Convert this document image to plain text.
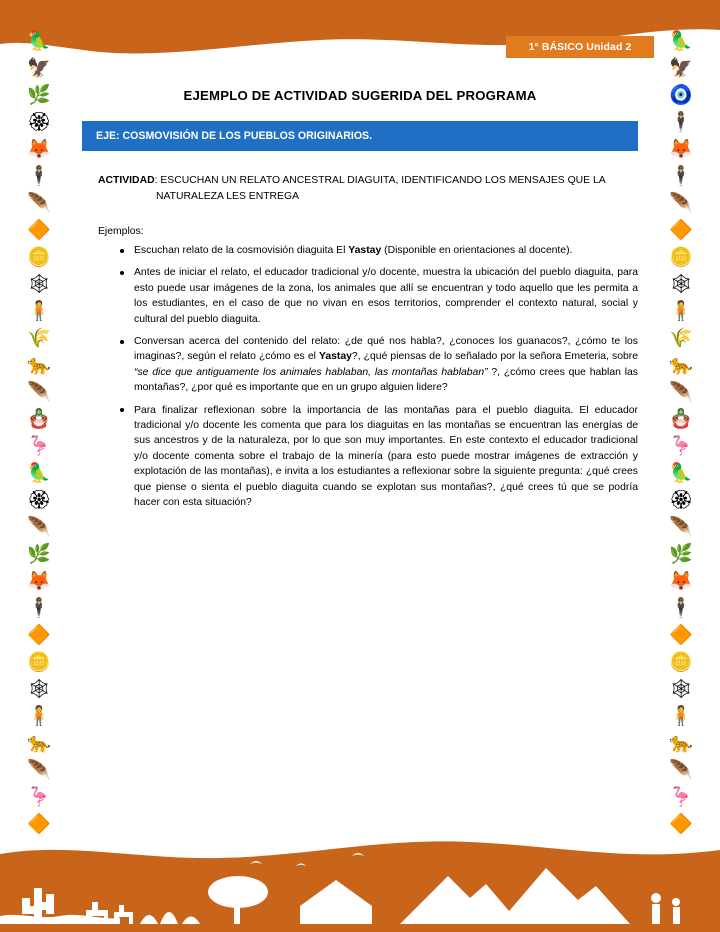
1° BÁSICO Unidad 2
🦜
🦅
🌿
🏵
🦊
🕴
🪶
🔶
🪙
🕸
🧍
🌾
🐆
🪶
🪆
🦩
🦜
🏵
🪶
🌿
🦊
🕴
🔶
🪙
🕸
🧍
🐆
🪶
🦩
🔶
🦜
🦅
🧿
🕴
🦊
🕴
🪶
🔶
🪙
🕸
🧍
🌾
🐆
🪶
🪆
🦩
🦜
🏵
🪶
🌿
🦊
🕴
🔶
🪙
🕸
🧍
🐆
🪶
🦩
🔶
EJEMPLO DE ACTIVIDAD SUGERIDA DEL PROGRAMA
EJE: COSMOVISIÓN DE LOS PUEBLOS ORIGINARIOS.
ACTIVIDAD: ESCUCHAN UN RELATO ANCESTRAL DIAGUITA, IDENTIFICANDO LOS MENSAJES QUE LA
NATURALEZA LES ENTREGA
Ejemplos:
Escuchan relato de la cosmovisión diaguita El Yastay (Disponible en orientaciones al docente).
Antes de iniciar el relato, el educador tradicional y/o docente, muestra la ubicación del pueblo diaguita, para esto puede usar imágenes de la zona, los animales que allí se encuentran y todo aquello que les permita a los estudiantes, en el caso de que no vivan en esos territorios, comprender el contexto natural, social y cultural del pueblo diaguita.
Conversan acerca del contenido del relato: ¿de qué nos habla?, ¿conoces los guanacos?, ¿cómo te los imaginas?, según el relato ¿cómo es el Yastay?, ¿qué piensas de lo señalado por la señora Emeteria, sobre “se dice que antiguamente los animales hablaban, las montañas hablaban” ?, ¿cómo crees que hablan las montañas?, ¿por qué es importante que en un grupo alguien lidere?
Para finalizar reflexionan sobre la importancia de las montañas para el pueblo diaguita. El educador tradicional y/o docente les comenta que para los diaguitas en las montañas se encuentran las energías de sus ancestros y de la naturaleza, por lo que son muy importantes. En este contexto el educador tradicional y/o docente comenta sobre el trabajo de la minería (para esto puede mostrar imágenes de extracción y explotación de las montañas), e invita a los estudiantes a reflexionar sobre la siguiente pregunta: ¿qué crees que piense o sienta el pueblo diaguita cuando se explotan sus montañas?, ¿qué crees tú que se podría hacer con esta situación?
